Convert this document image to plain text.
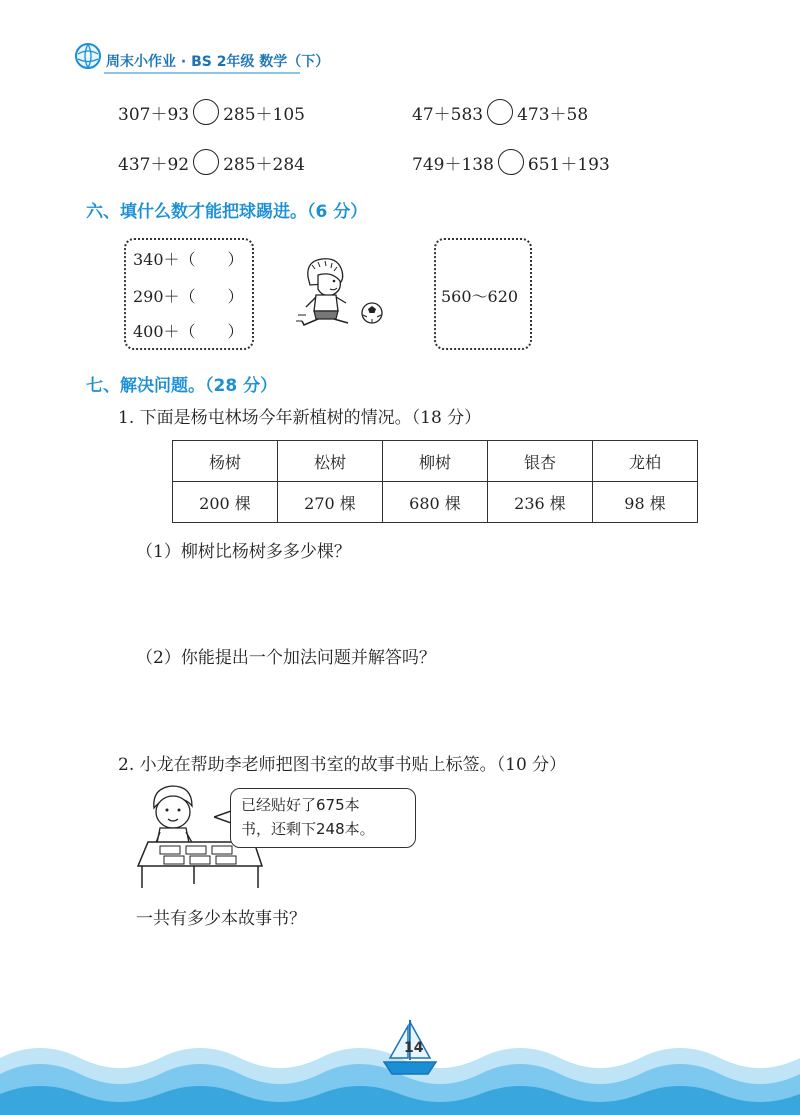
周末小作业 · BS 2年级 数学（下）
307＋93 285＋105	47＋583 473＋58
437＋92 285＋284	749＋138 651＋193
六、填什么数才能把球踢进。（6 分）
340＋（　　）
290＋（　　）
400＋（　　）
560～620
七、解决问题。（28 分）
1. 下面是杨屯林场今年新植树的情况。（18 分）
杨树	松树	柳树	银杏	龙柏
200 棵	270 棵	680 棵	236 棵	98 棵
（1）柳树比杨树多多少棵？
（2）你能提出一个加法问题并解答吗？
2. 小龙在帮助李老师把图书室的故事书贴上标签。（10 分）
已经贴好了675本
书，还剩下248本。
一共有多少本故事书？
14
